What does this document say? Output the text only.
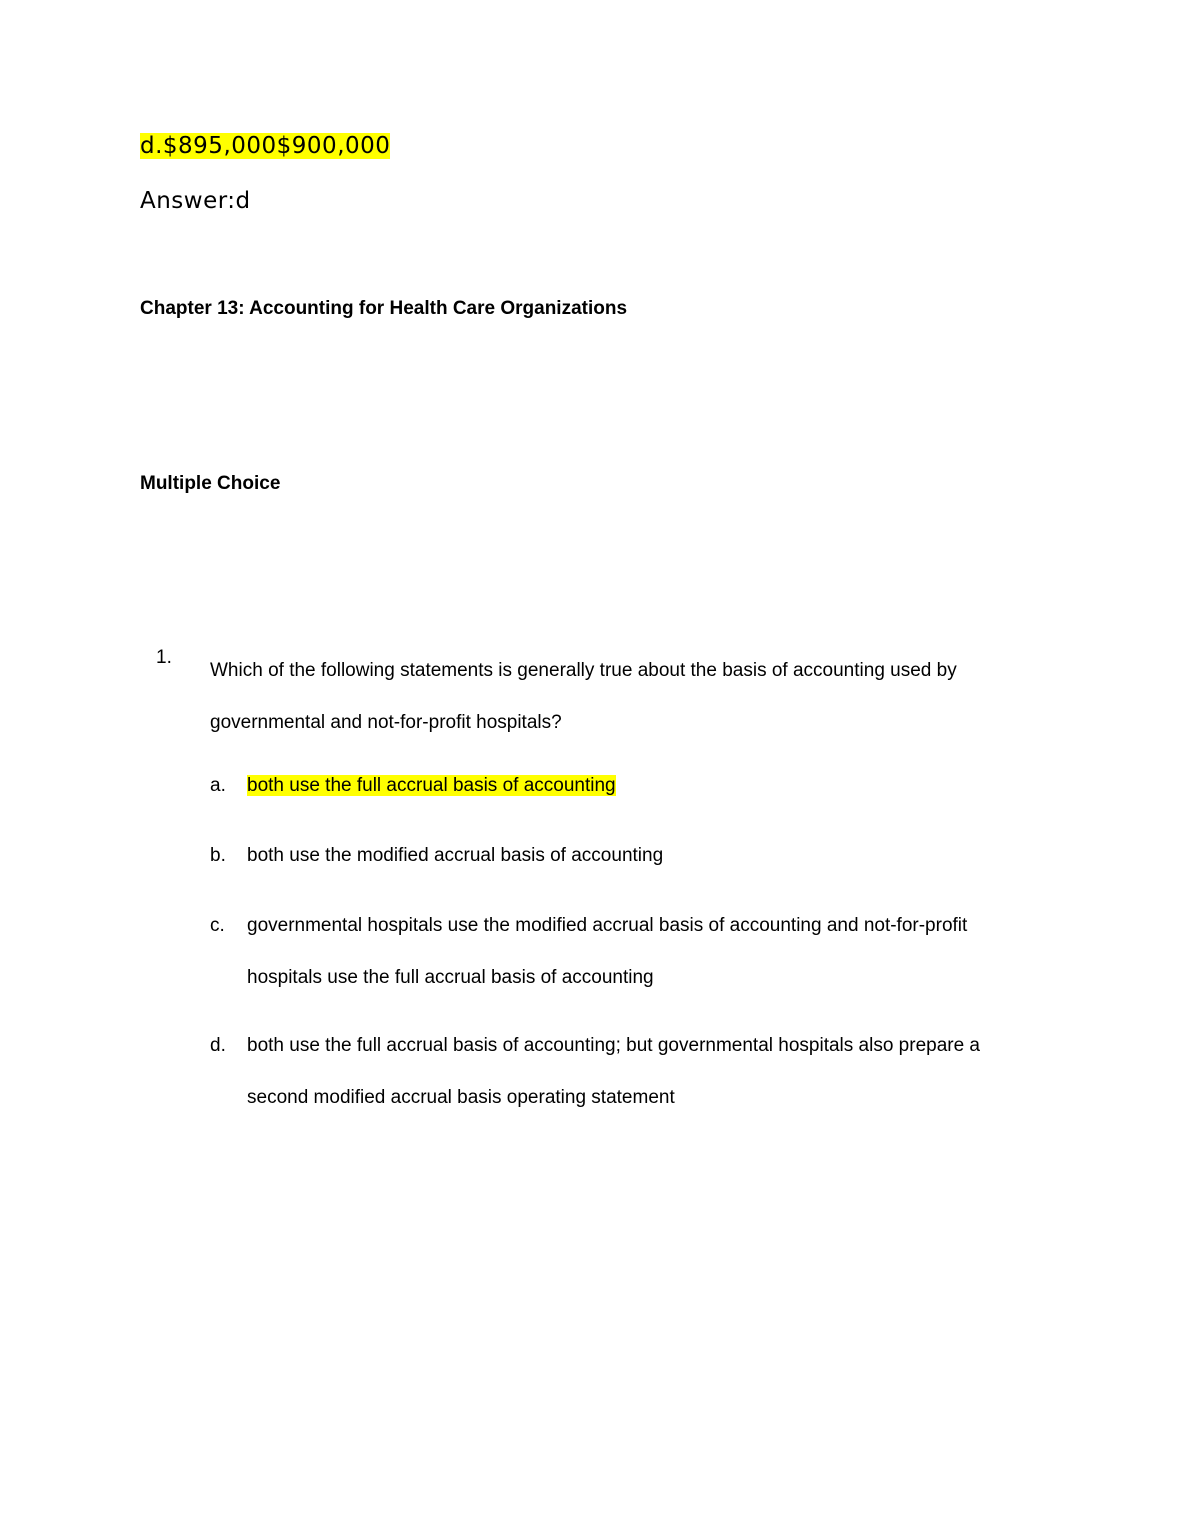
d.$895,000$900,000
Answer:d
Chapter 13: Accounting for Health Care Organizations
Multiple Choice
1.
Which of the following statements is generally true about the basis of accounting used by governmental and not-for-profit hospitals?
a. both use the full accrual basis of accounting
b. both use the modified accrual basis of accounting
c. governmental hospitals use the modified accrual basis of accounting and not-for-profit hospitals use the full accrual basis of accounting
d. both use the full accrual basis of accounting; but governmental hospitals also prepare a second modified accrual basis operating statement
